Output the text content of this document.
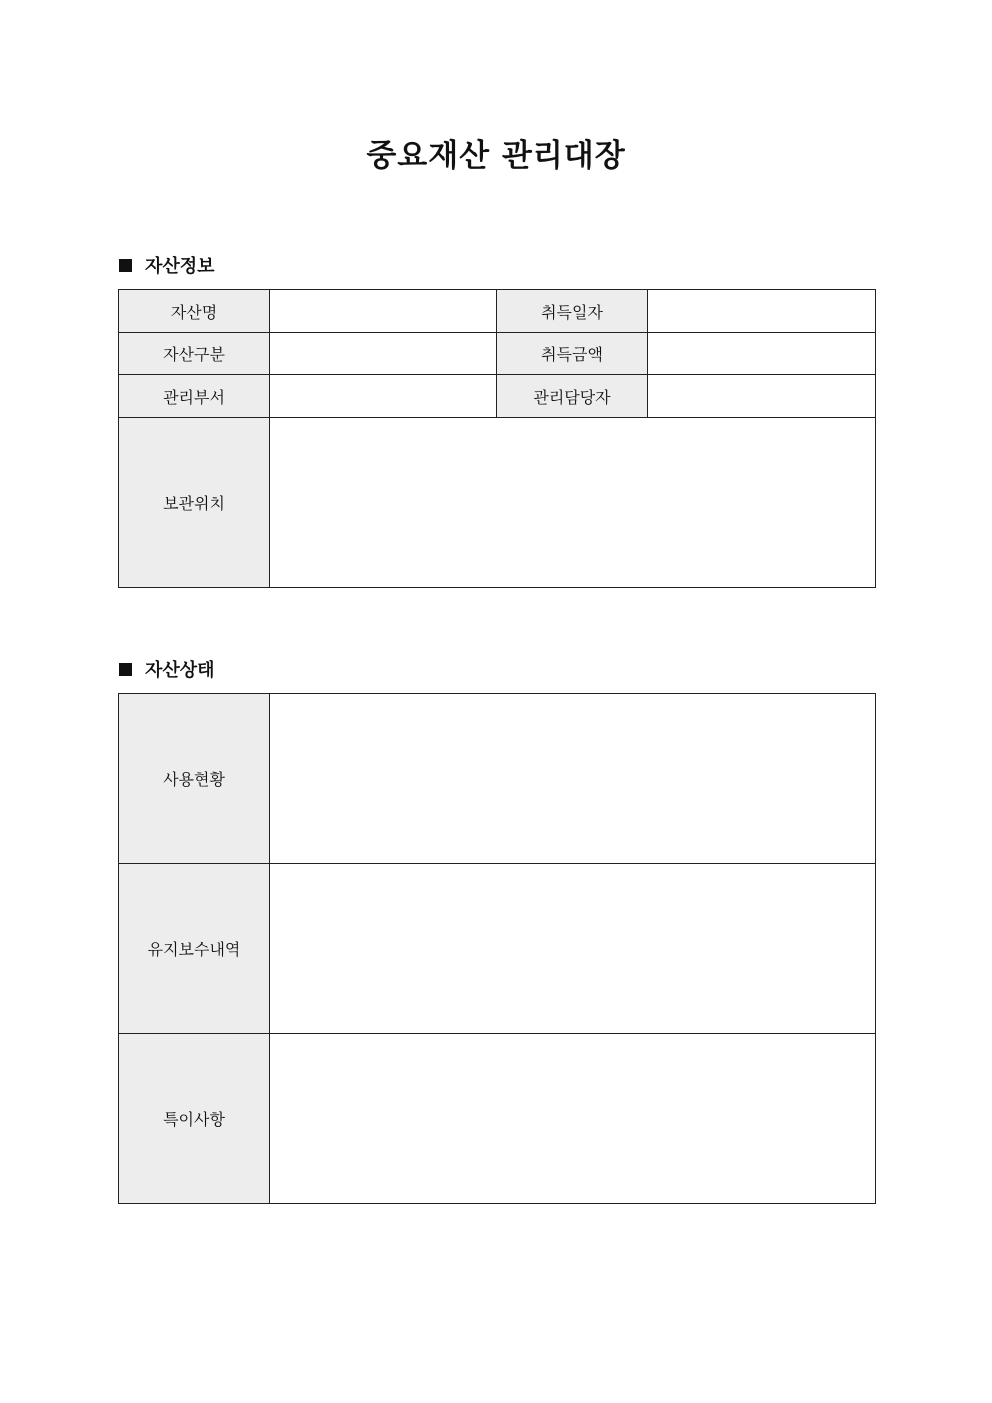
중요재산 관리대장
자산정보
자산명		취득일자	
자산구분		취득금액	
관리부서		관리담당자	
보관위치			
자산상태
사용현황	
유지보수내역	
특이사항	
